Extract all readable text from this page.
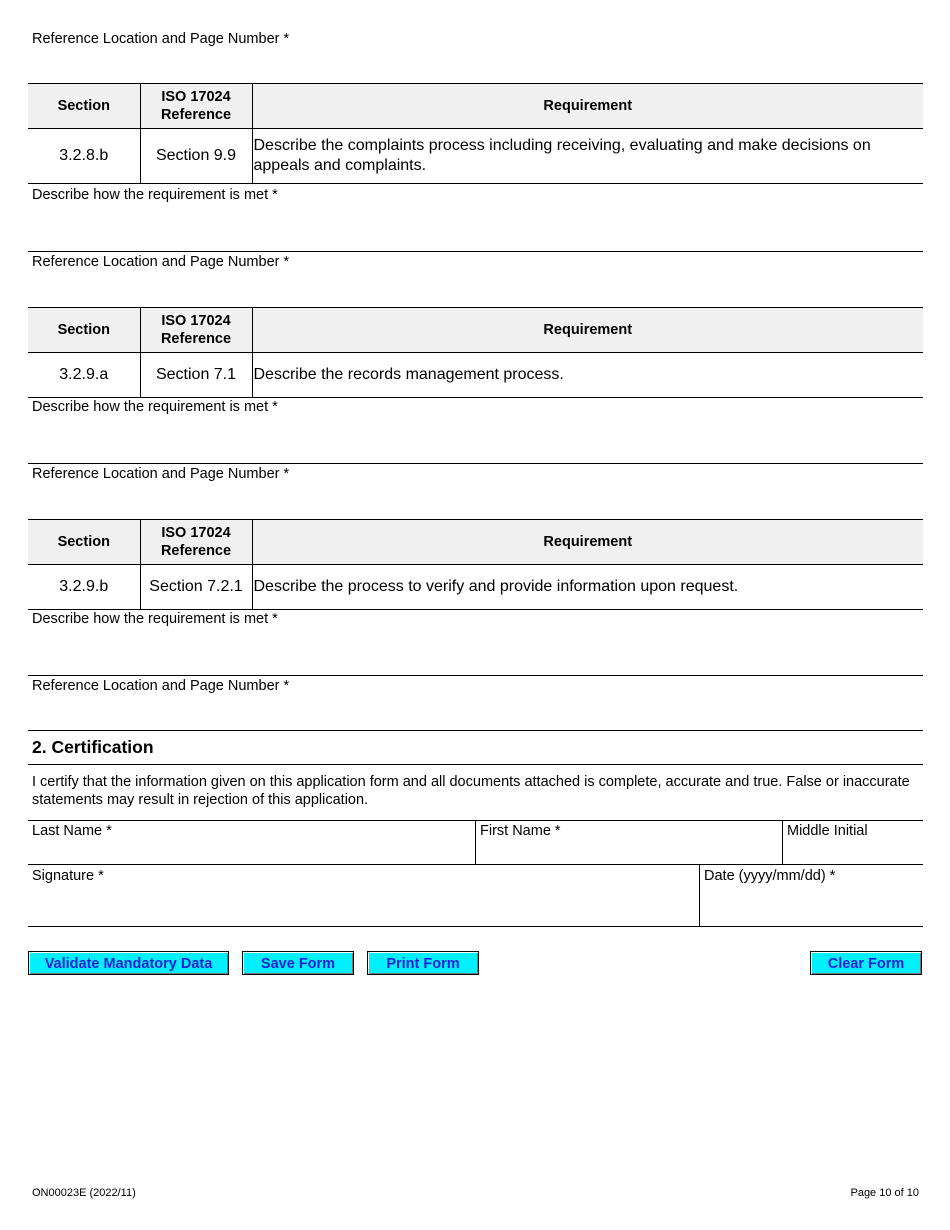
Reference Location and Page Number *
Section	ISO 17024 Reference	Requirement
3.2.8.b	Section 9.9	Describe the complaints process including receiving, evaluating and make decisions on appeals and complaints.
Describe how the requirement is met *
Reference Location and Page Number *
Section	ISO 17024 Reference	Requirement
3.2.9.a	Section 7.1	Describe the records management process.
Describe how the requirement is met *
Reference Location and Page Number *
Section	ISO 17024 Reference	Requirement
3.2.9.b	Section 7.2.1	Describe the process to verify and provide information upon request.
Describe how the requirement is met *
Reference Location and Page Number *
2. Certification
I certify that the information given on this application form and all documents attached is complete, accurate and true. False or inaccurate statements may result in rejection of this application.
Last Name *	First Name *	Middle Initial
Signature *	Date (yyyy/mm/dd) *
Validate Mandatory Data	Save Form	Print Form	Clear Form
ON00023E (2022/11)	Page 10 of 10
